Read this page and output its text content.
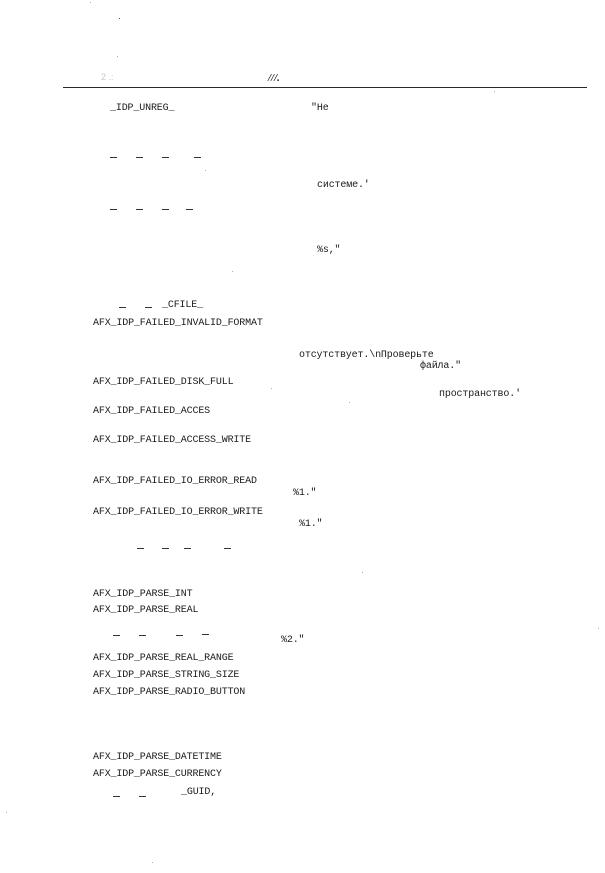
2 .:	///.
_IDP_UNREG_	"Не
системе.'
%s,"
_CFILE_
AFX_IDP_FAILED_INVALID_FORMAT
отсутствует.\nПроверьте
файла."
AFX_IDP_FAILED_DISK_FULL
пространство.'
AFX_IDP_FAILED_ACCES
AFX_IDP_FAILED_ACCESS_WRITE
AFX_IDP_FAILED_IO_ERROR_READ
%1."
AFX_IDP_FAILED_IO_ERROR_WRITE
%1."
AFX_IDP_PARSE_INT
AFX_IDP_PARSE_REAL
%2."
AFX_IDP_PARSE_REAL_RANGE
AFX_IDP_PARSE_STRING_SIZE
AFX_IDP_PARSE_RADIO_BUTTON
AFX_IDP_PARSE_DATETIME
AFX_IDP_PARSE_CURRENCY
_GUID,
